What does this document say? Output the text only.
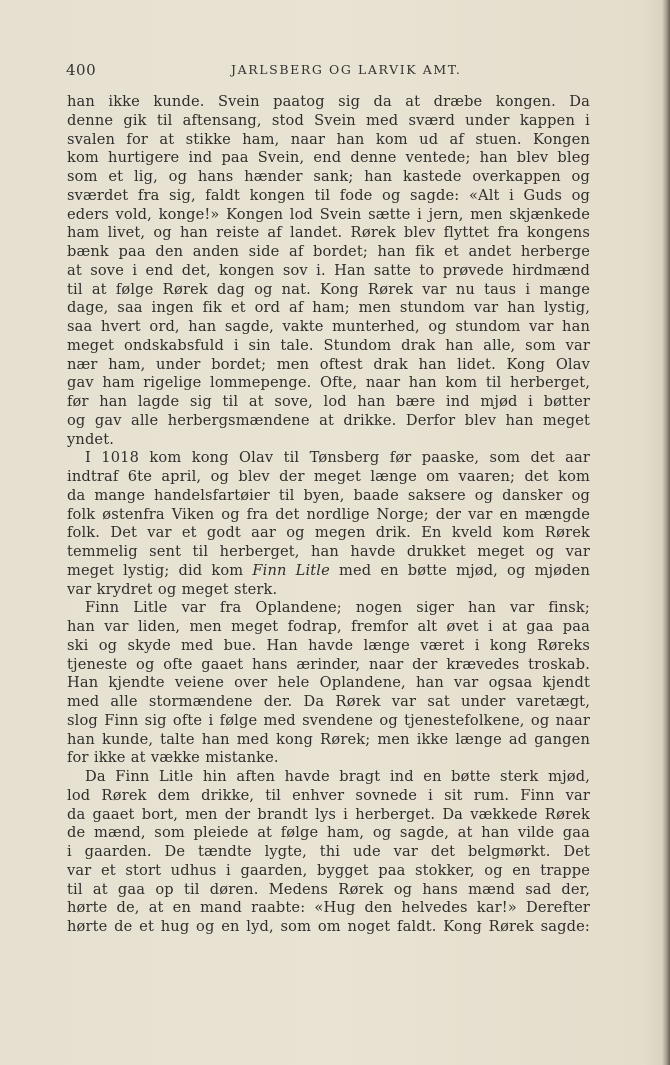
400	JARLSBERG OG LARVIK AMT.
han ikke kunde. Svein paatog sig da at dræbe kongen. Da
denne gik til aftensang, stod Svein med sværd under kappen i
svalen for at stikke ham, naar han kom ud af stuen. Kongen
kom hurtigere ind paa Svein, end denne ventede; han blev bleg
som et lig, og hans hænder sank; han kastede overkappen og
sværdet fra sig, faldt kongen til fode og sagde: «Alt i Guds og
eders vold, konge!» Kongen lod Svein sætte i jern, men skjænkede
ham livet, og han reiste af landet. Rørek blev flyttet fra kongens
bænk paa den anden side af bordet; han fik et andet herberge
at sove i end det, kongen sov i. Han satte to prøvede hirdmænd
til at følge Rørek dag og nat. Kong Rørek var nu taus i mange
dage, saa ingen fik et ord af ham; men stundom var han lystig,
saa hvert ord, han sagde, vakte munterhed, og stundom var han
meget ondskabsfuld i sin tale. Stundom drak han alle, som var
nær ham, under bordet; men oftest drak han lidet. Kong Olav
gav ham rigelige lommepenge. Ofte, naar han kom til herberget,
før han lagde sig til at sove, lod han bære ind mjød i bøtter
og gav alle herbergsmændene at drikke. Derfor blev han meget
yndet.
I 1018 kom kong Olav til Tønsberg før paaske, som det aar
indtraf 6te april, og blev der meget længe om vaaren; det kom
da mange handelsfartøier til byen, baade saksere og dansker og
folk østenfra Viken og fra det nordlige Norge; der var en mængde
folk. Det var et godt aar og megen drik. En kveld kom Rørek
temmelig sent til herberget, han havde drukket meget og var
meget lystig; did kom Finn Litle med en bøtte mjød, og mjøden
var krydret og meget sterk.
Finn Litle var fra Oplandene; nogen siger han var finsk;
han var liden, men meget fodrap, fremfor alt øvet i at gaa paa
ski og skyde med bue. Han havde længe været i kong Røreks
tjeneste og ofte gaaet hans ærinder, naar der krævedes troskab.
Han kjendte veiene over hele Oplandene, han var ogsaa kjendt
med alle stormændene der. Da Rørek var sat under varetægt,
slog Finn sig ofte i følge med svendene og tjenestefolkene, og naar
han kunde, talte han med kong Rørek; men ikke længe ad gangen
for ikke at vække mistanke.
Da Finn Litle hin aften havde bragt ind en bøtte sterk mjød,
lod Rørek dem drikke, til enhver sovnede i sit rum. Finn var
da gaaet bort, men der brandt lys i herberget. Da vækkede Rørek
de mænd, som pleiede at følge ham, og sagde, at han vilde gaa
i gaarden. De tændte lygte, thi ude var det belgmørkt. Det
var et stort udhus i gaarden, bygget paa stokker, og en trappe
til at gaa op til døren. Medens Rørek og hans mænd sad der,
hørte de, at en mand raabte: «Hug den helvedes kar!» Derefter
hørte de et hug og en lyd, som om noget faldt. Kong Rørek sagde:
